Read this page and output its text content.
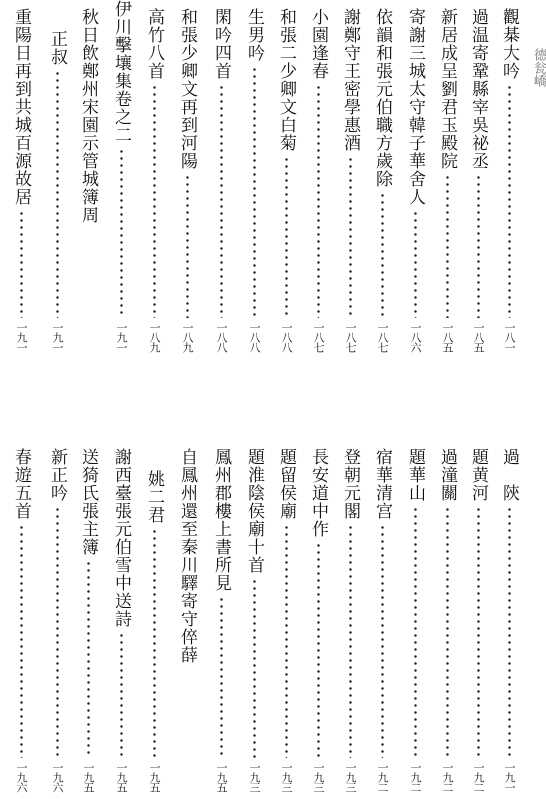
德瓮嶠
觀棊大吟
一八一
過温寄鞏縣宰吳祕丞
一八五
新居成呈劉君玉殿院
一八五
寄謝三城太守韓子華舍人
一八六
依韻和張元伯職方歲除
一八七
謝鄭守王密學惠酒
一八七
小園逢春
一八七
和張二少卿文白菊
一八八
生男吟
一八八
閑吟四首
一八八
和張少卿文再到河陽
一八九
高竹八首
一八九
伊川擊壤集卷之二
一九一
秋日飲鄭州宋園示管城簿周
正叔
一九一
重陽日再到共城百源故居
一九一
過　陝
一九一
題黄河
一九二
過潼關
一九二
題華山
一九二
宿華清宫
一九二
登朝元閣
一九三
長安道中作
一九三
題留侯廟
一九三
題淮陰侯廟十首
一九三
鳳州郡樓上書所見
一九五
自鳳州還至秦川驛寄守倅薛
姚二君
一九五
謝西臺張元伯雪中送詩
一九五
送猗氏張主簿
一九五
新正吟
一九六
春遊五首
一九六
